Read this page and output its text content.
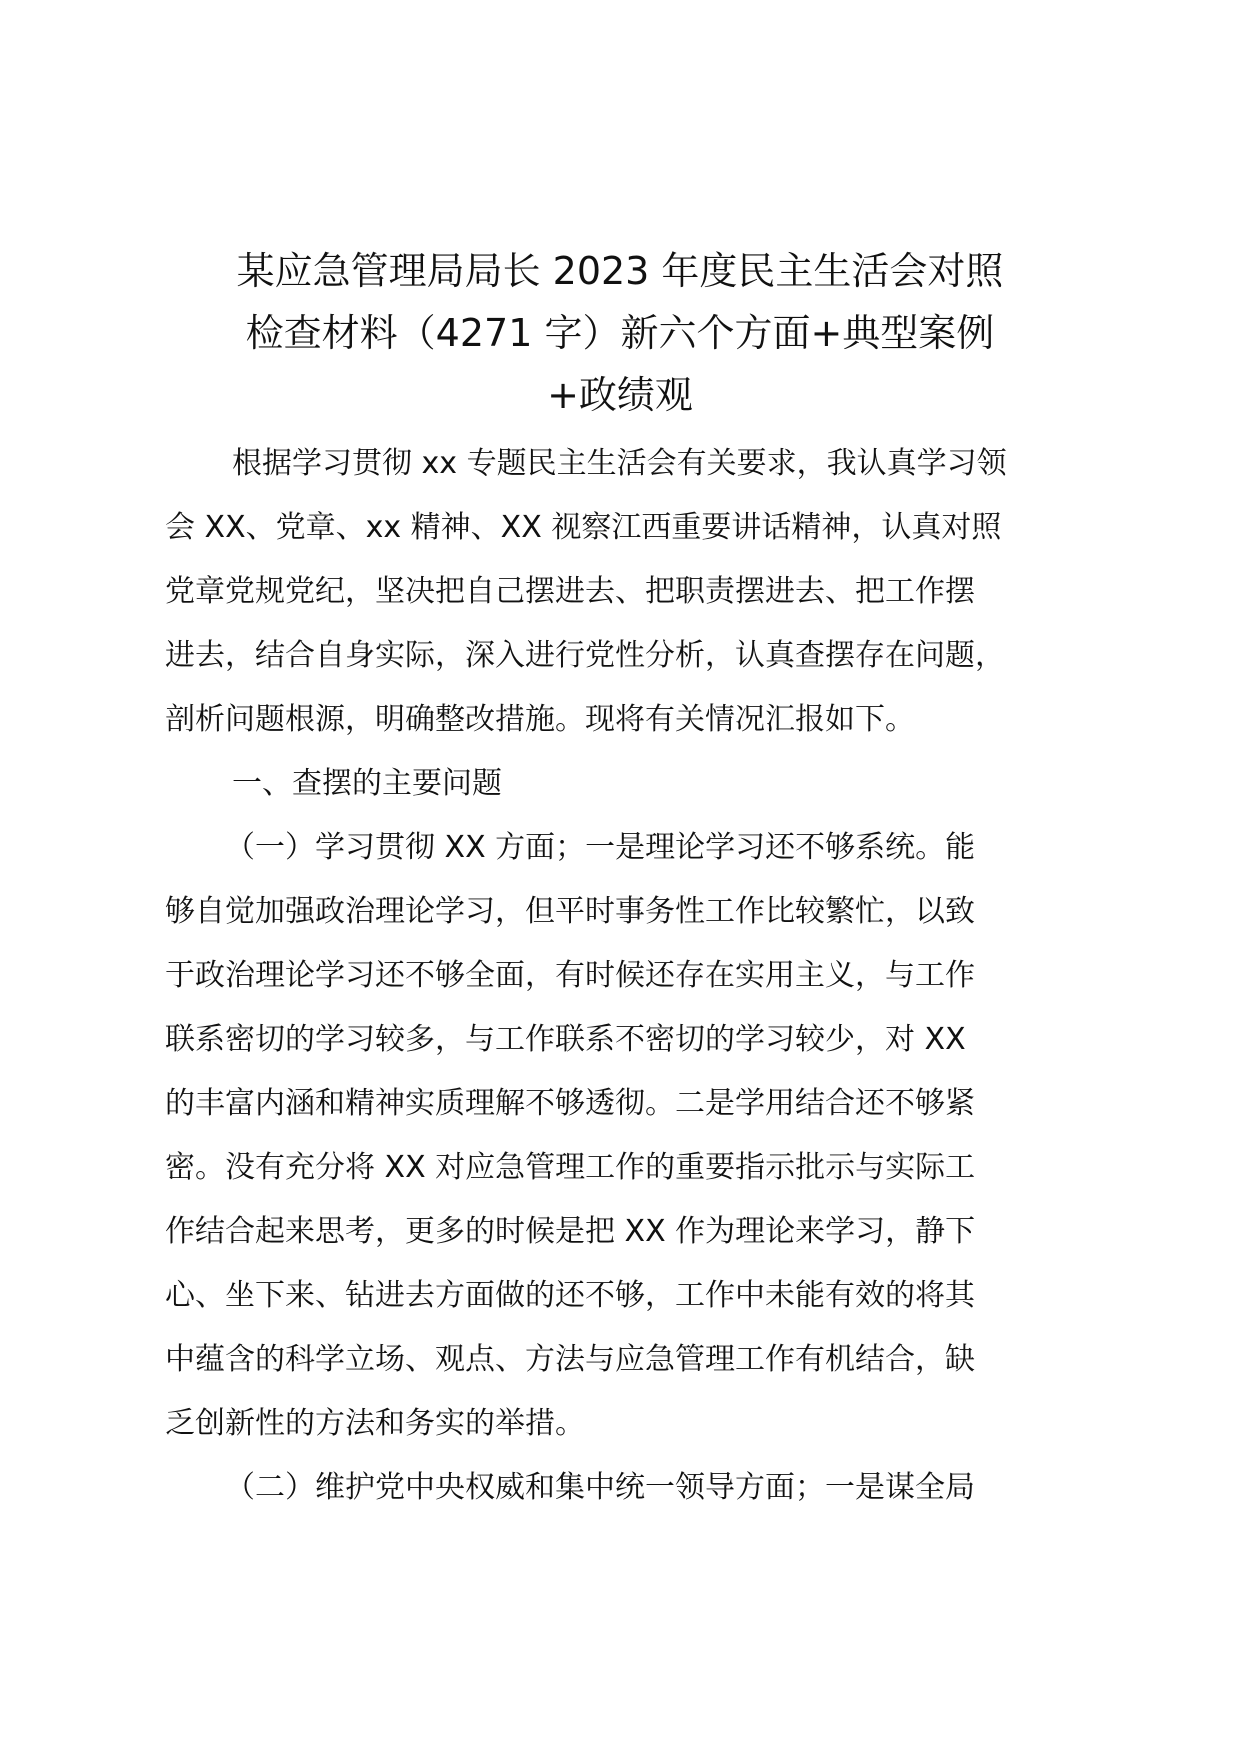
某应急管理局局长 2023 年度民主生活会对照
检查材料（4271 字）新六个方面+典型案例
+政绩观
根据学习贯彻 xx 专题民主生活会有关要求，我认真学习领
会 XX、党章、xx 精神、XX 视察江西重要讲话精神，认真对照
党章党规党纪，坚决把自己摆进去、把职责摆进去、把工作摆
进去，结合自身实际，深入进行党性分析，认真查摆存在问题，
剖析问题根源，明确整改措施。现将有关情况汇报如下。
一、查摆的主要问题
（一）学习贯彻 XX 方面；一是理论学习还不够系统。能
够自觉加强政治理论学习，但平时事务性工作比较繁忙，以致
于政治理论学习还不够全面，有时候还存在实用主义，与工作
联系密切的学习较多，与工作联系不密切的学习较少，对 XX
的丰富内涵和精神实质理解不够透彻。二是学用结合还不够紧
密。没有充分将 XX 对应急管理工作的重要指示批示与实际工
作结合起来思考，更多的时候是把 XX 作为理论来学习，静下
心、坐下来、钻进去方面做的还不够，工作中未能有效的将其
中蕴含的科学立场、观点、方法与应急管理工作有机结合，缺
乏创新性的方法和务实的举措。
（二）维护党中央权威和集中统一领导方面；一是谋全局
